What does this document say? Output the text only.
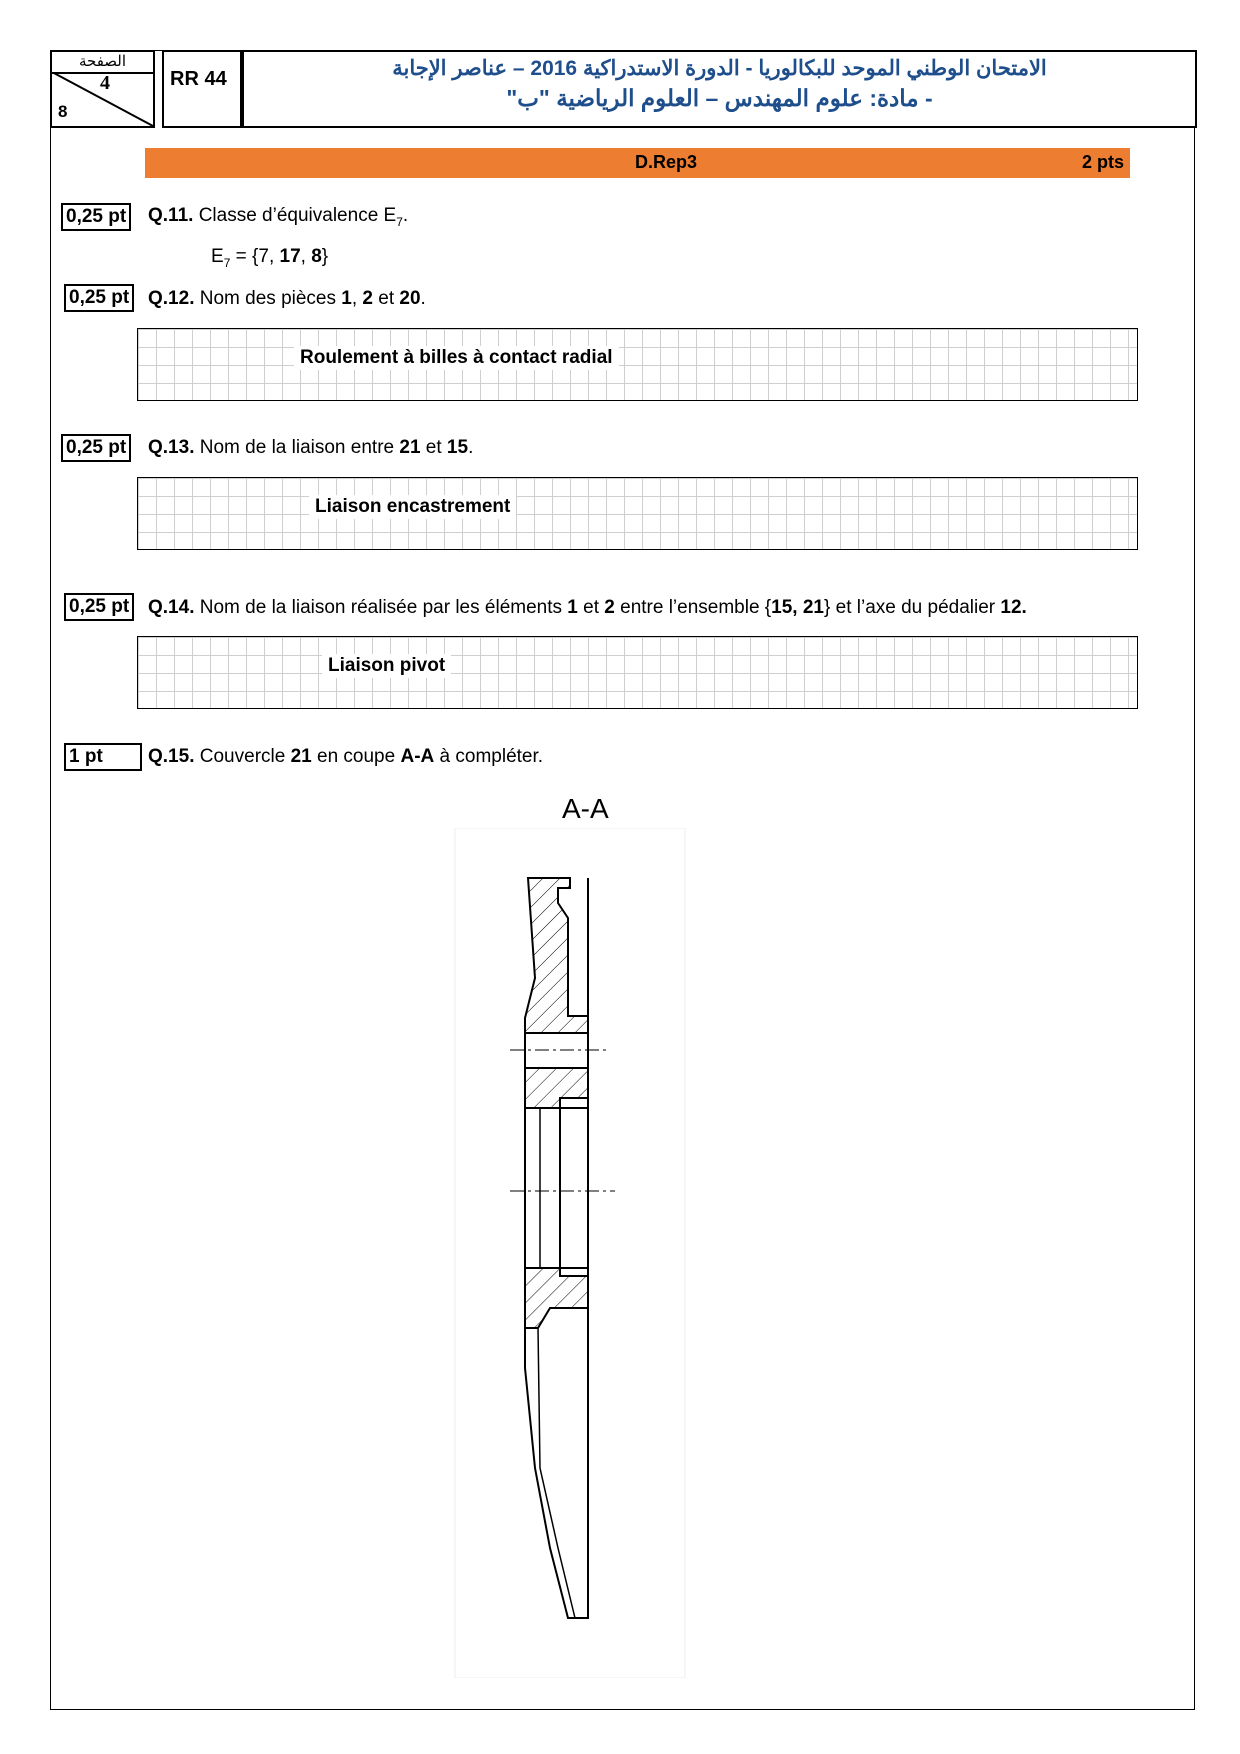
الصفحة
4
8
RR 44	الامتحان الوطني الموحد للبكالوريا - الدورة الاستدراكية 2016 – عناصر الإجابة
- مادة: علوم المهندس – العلوم الرياضية "ب"
D.Rep3	2 pts
0,25 pt Q.11. Classe d’équivalence $E_7$.
$E_7 = \{7$, 17, 8}
0,25 pt Q.12. Nom des pièces 1, 2 et 20.
Roulement à billes à contact radial
0,25 pt Q.13. Nom de la liaison entre 21 et 15.
Liaison encastrement
0,25 pt Q.14. Nom de la liaison réalisée par les éléments 1 et 2 entre l’ensemble {15, 21} et l’axe du pédalier 12.
Liaison pivot
1 pt	Q.15. Couvercle 21 en coupe A-A à compléter.
A-A
